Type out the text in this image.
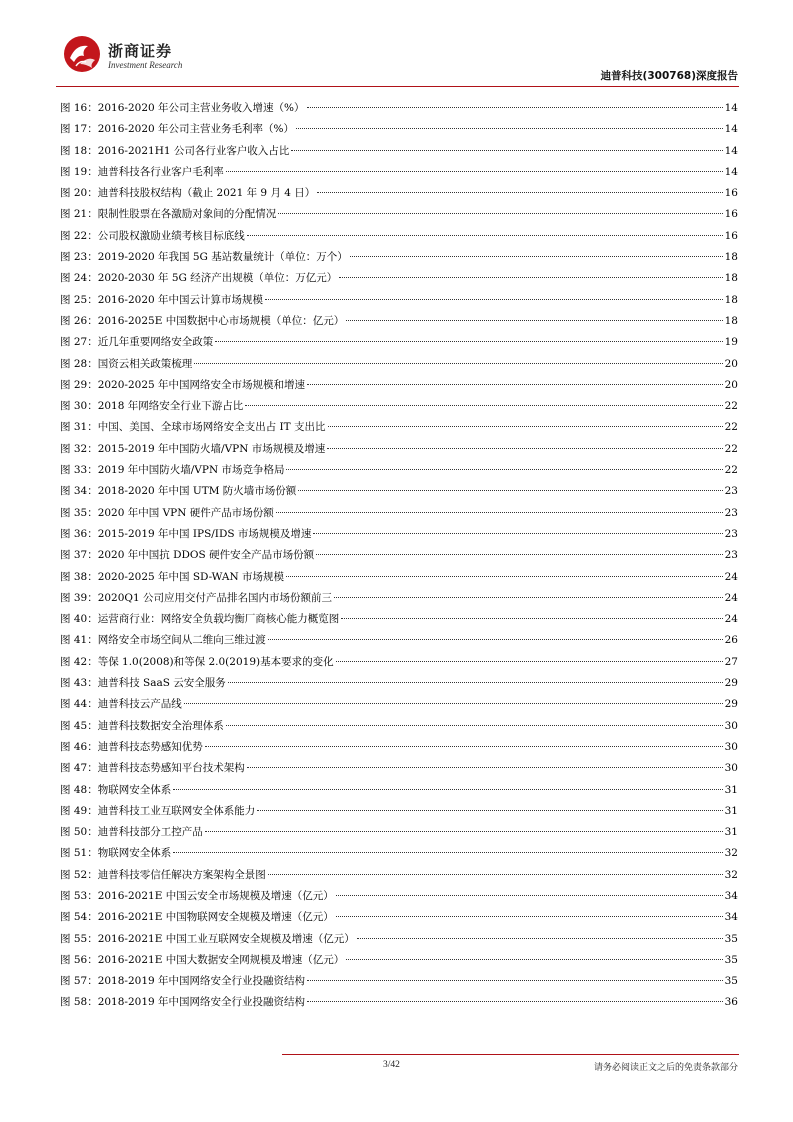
浙商证券
Investment Research
迪普科技(300768)深度报告
图 16：2016-2020 年公司主营业务收入增速（%）	14
图 17：2016-2020 年公司主营业务毛利率（%）	14
图 18：2016-2021H1 公司各行业客户收入占比	14
图 19：迪普科技各行业客户毛利率	14
图 20：迪普科技股权结构（截止 2021 年 9 月 4 日）	16
图 21：限制性股票在各激励对象间的分配情况	16
图 22：公司股权激励业绩考核目标底线	16
图 23：2019-2020 年我国 5G 基站数量统计（单位：万个）	18
图 24：2020-2030 年 5G 经济产出规模（单位：万亿元）	18
图 25：2016-2020 年中国云计算市场规模	18
图 26：2016-2025E 中国数据中心市场规模（单位：亿元）	18
图 27：近几年重要网络安全政策	19
图 28：国资云相关政策梳理	20
图 29：2020-2025 年中国网络安全市场规模和增速	20
图 30：2018 年网络安全行业下游占比	22
图 31：中国、美国、全球市场网络安全支出占 IT 支出比	22
图 32：2015-2019 年中国防火墙/VPN 市场规模及增速	22
图 33：2019 年中国防火墙/VPN 市场竞争格局	22
图 34：2018-2020 年中国 UTM 防火墙市场份额	23
图 35：2020 年中国 VPN 硬件产品市场份额	23
图 36：2015-2019 年中国 IPS/IDS 市场规模及增速	23
图 37：2020 年中国抗 DDOS 硬件安全产品市场份额	23
图 38：2020-2025 年中国 SD-WAN 市场规模	24
图 39：2020Q1 公司应用交付产品排名国内市场份额前三	24
图 40：运营商行业：网络安全负载均衡厂商核心能力概览图	24
图 41：网络安全市场空间从二维向三维过渡	26
图 42：等保 1.0(2008)和等保 2.0(2019)基本要求的变化	27
图 43：迪普科技 SaaS 云安全服务	29
图 44：迪普科技云产品线	29
图 45：迪普科技数据安全治理体系	30
图 46：迪普科技态势感知优势	30
图 47：迪普科技态势感知平台技术架构	30
图 48：物联网安全体系	31
图 49：迪普科技工业互联网安全体系能力	31
图 50：迪普科技部分工控产品	31
图 51：物联网安全体系	32
图 52：迪普科技零信任解决方案架构全景图	32
图 53：2016-2021E 中国云安全市场规模及增速（亿元）	34
图 54：2016-2021E 中国物联网安全规模及增速（亿元）	34
图 55：2016-2021E 中国工业互联网安全规模及增速（亿元）	35
图 56：2016-2021E 中国大数据安全网规模及增速（亿元）	35
图 57：2018-2019 年中国网络安全行业投融资结构	35
图 58：2018-2019 年中国网络安全行业投融资结构	36
3/42	请务必阅读正文之后的免责条款部分
